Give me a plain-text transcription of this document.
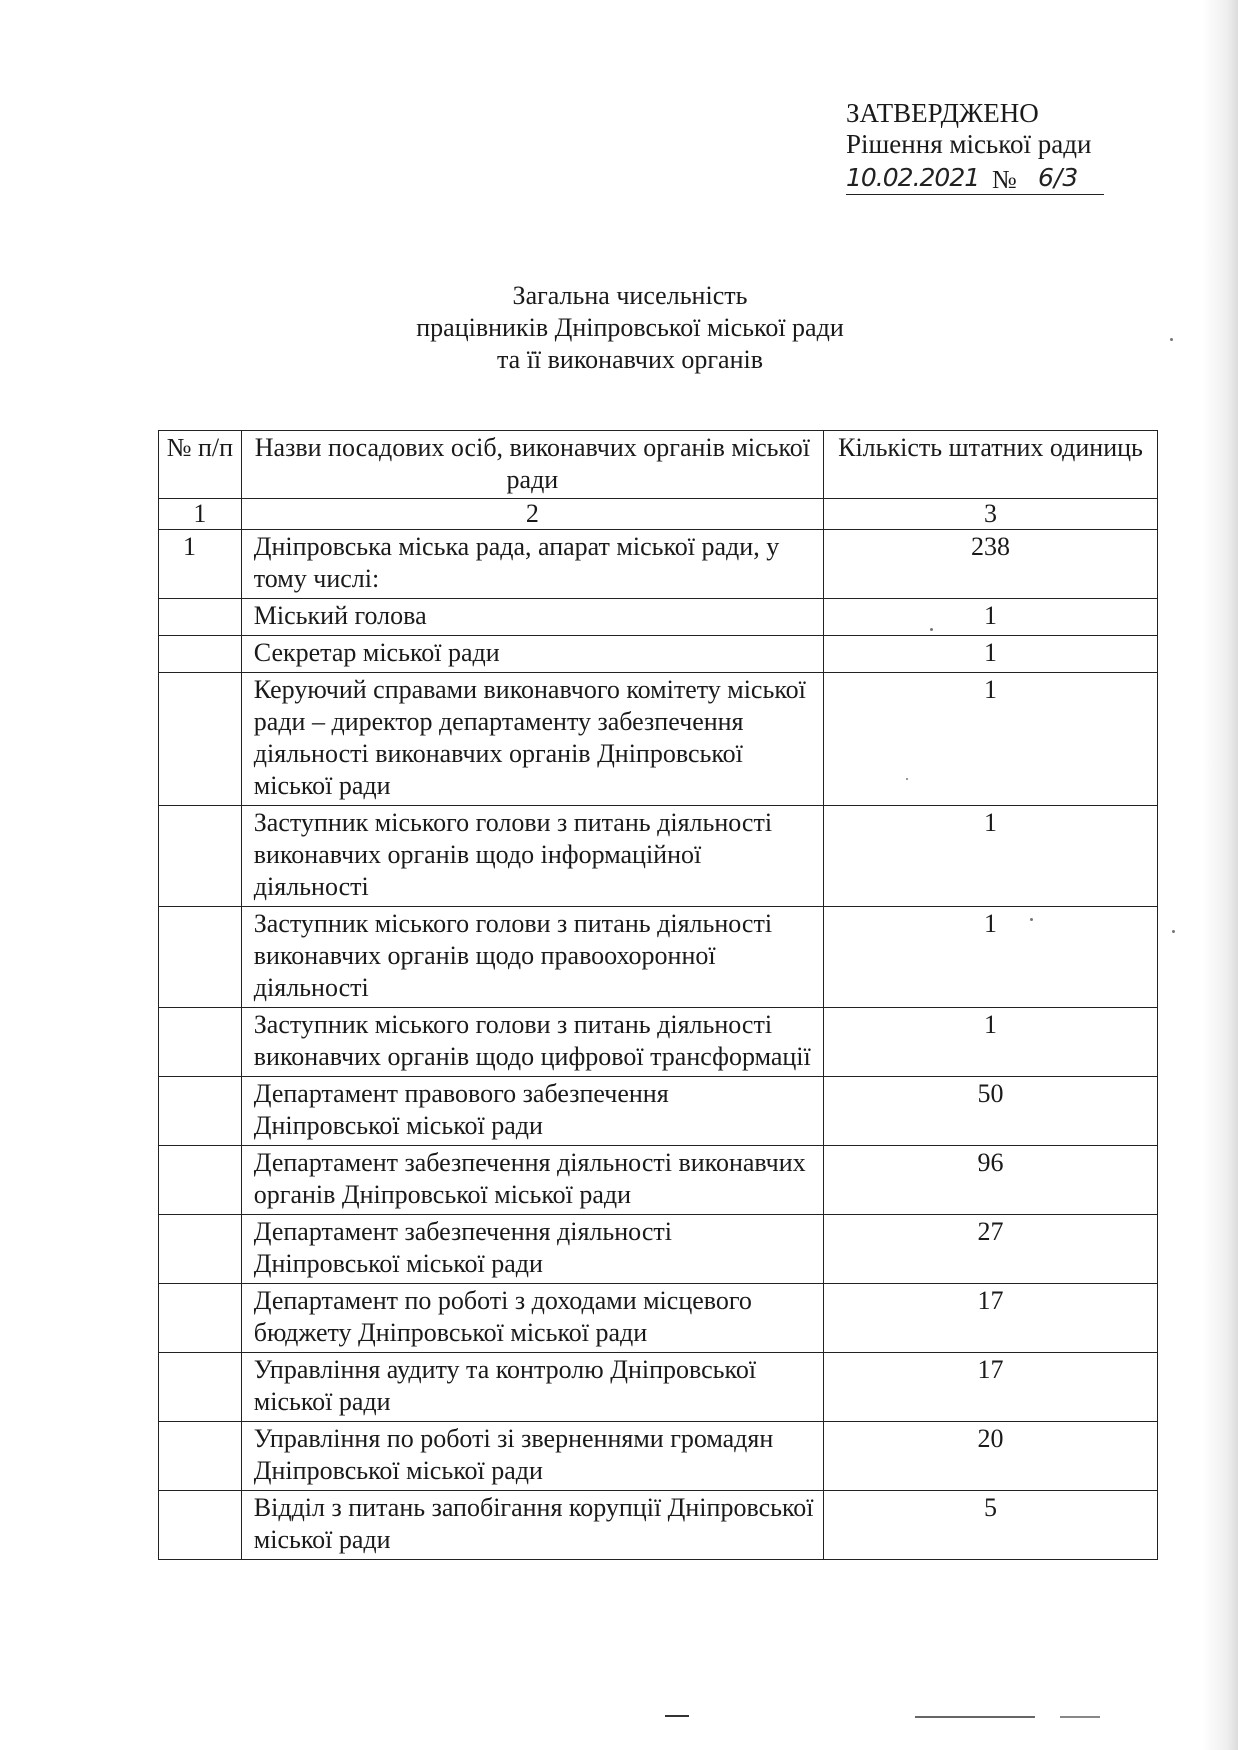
ЗАТВЕРДЖЕНО
Рішення міської ради
10.02.2021 № 6/3
Загальна чисельність
працівників Дніпровської міської ради
та її виконавчих органів
№ п/п	Назви посадових осіб, виконавчих органів міської ради	Кількість штатних одиниць
1	2	3
1	Дніпровська міська рада, апарат міської ради, у тому числі:	238
	Міський голова	1
	Секретар міської ради	1
	Керуючий справами виконавчого комітету міської ради – директор департаменту забезпечення діяльності виконавчих органів Дніпровської міської ради	1
	Заступник міського голови з питань діяльності виконавчих органів щодо інформаційної діяльності	1
	Заступник міського голови з питань діяльності виконавчих органів щодо правоохоронної діяльності	1
	Заступник міського голови з питань діяльності виконавчих органів щодо цифрової трансформації	1
	Департамент правового забезпечення Дніпровської міської ради	50
	Департамент забезпечення діяльності виконавчих органів Дніпровської міської ради	96
	Департамент забезпечення діяльності Дніпровської міської ради	27
	Департамент по роботі з доходами місцевого бюджету Дніпровської міської ради	17
	Управління аудиту та контролю Дніпровської міської ради	17
	Управління по роботі зі зверненнями громадян Дніпровської міської ради	20
	Відділ з питань запобігання корупції Дніпровської міської ради	5
